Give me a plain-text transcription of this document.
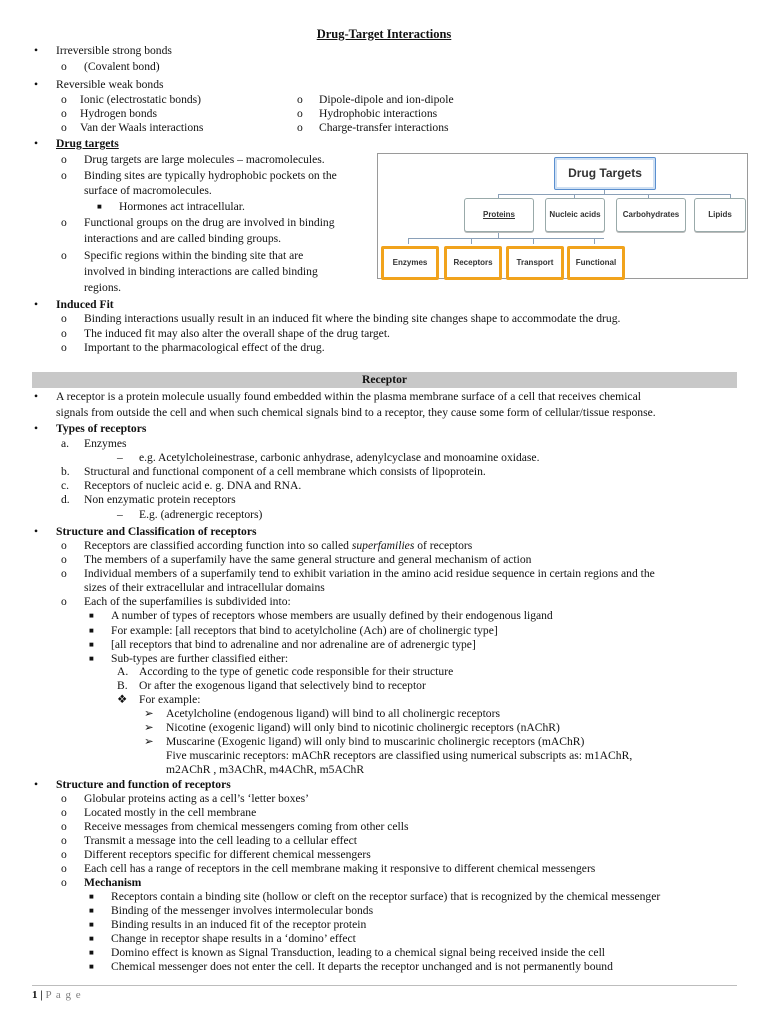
Drug-Target Interactions
•
Irreversible strong bonds
o
(Covalent bond)
•
Reversible weak bonds
o
Ionic (electrostatic bonds)
o
Hydrogen bonds
o
Van der Waals interactions
o
Dipole-dipole and ion-dipole
o
Hydrophobic interactions
o
Charge-transfer interactions
•
Drug targets
o
Drug targets are large molecules – macromolecules.
o
Binding sites are typically hydrophobic pockets on the
surface of macromolecules.
■ Hormones act intracellular.
o
Functional groups on the drug are involved in binding
interactions and are called binding groups.
o
Specific regions within the binding site that are
involved in binding interactions are called binding
regions.
Drug Targets
Proteins	Nucleic acids	Carbohydrates	Lipids
Enzymes	Receptors	Transport	Functional
•
Induced Fit
o
Binding interactions usually result in an induced fit where the binding site changes shape to accommodate the drug.
o
The induced fit may also alter the overall shape of the drug target.
o
Important to the pharmacological effect of the drug.
Receptor
•
A receptor is a protein molecule usually found embedded within the plasma membrane surface of a cell that receives chemical
signals from outside the cell and when such chemical signals bind to a receptor, they cause some form of cellular/tissue response.
•
Types of receptors
a. Enzymes
– e.g. Acetylcholeinestrase, carbonic anhydrase, adenylcyclase and monoamine oxidase.
b. Structural and functional component of a cell membrane which consists of lipoprotein.
c. Receptors of nucleic acid e. g. DNA and RNA.
d. Non enzymatic protein receptors
– E.g. (adrenergic receptors)
•
Structure and Classification of receptors
o
Receptors are classified according function into so called superfamilies of receptors
o
The members of a superfamily have the same general structure and general mechanism of action
o
Individual members of a superfamily tend to exhibit variation in the amino acid residue sequence in certain regions and the
sizes of their extracellular and intracellular domains
o
Each of the superfamilies is subdivided into:
■ A number of types of receptors whose members are usually defined by their endogenous ligand
■ For example: [all receptors that bind to acetylcholine (Ach) are of cholinergic type]
■ [all receptors that bind to adrenaline and nor adrenaline are of adrenergic type]
■ Sub-types are further classified either:
A. According to the type of genetic code responsible for their structure
B. Or after the exogenous ligand that selectively bind to receptor
❖ For example:
➢ Acetylcholine (endogenous ligand) will bind to all cholinergic receptors
➢ Nicotine (exogenic ligand) will only bind to nicotinic cholinergic receptors (nAChR)
➢ Muscarine (Exogenic ligand) will only bind to muscarinic cholinergic receptors (mAChR)
Five muscarinic receptors: mAChR receptors are classified using numerical subscripts as: m1AChR,
m2AChR , m3AChR, m4AChR, m5AChR
•
Structure and function of receptors
o
Globular proteins acting as a cell’s ‘letter boxes’
o
Located mostly in the cell membrane
o
Receive messages from chemical messengers coming from other cells
o
Transmit a message into the cell leading to a cellular effect
o
Different receptors specific for different chemical messengers
o
Each cell has a range of receptors in the cell membrane making it responsive to different chemical messengers
o
Mechanism
■ Receptors contain a binding site (hollow or cleft on the receptor surface) that is recognized by the chemical messenger
■ Binding of the messenger involves intermolecular bonds
■ Binding results in an induced fit of the receptor protein
■ Change in receptor shape results in a ‘domino’ effect
■ Domino effect is known as Signal Transduction, leading to a chemical signal being received inside the cell
■ Chemical messenger does not enter the cell. It departs the receptor unchanged and is not permanently bound
1 | P a g e
